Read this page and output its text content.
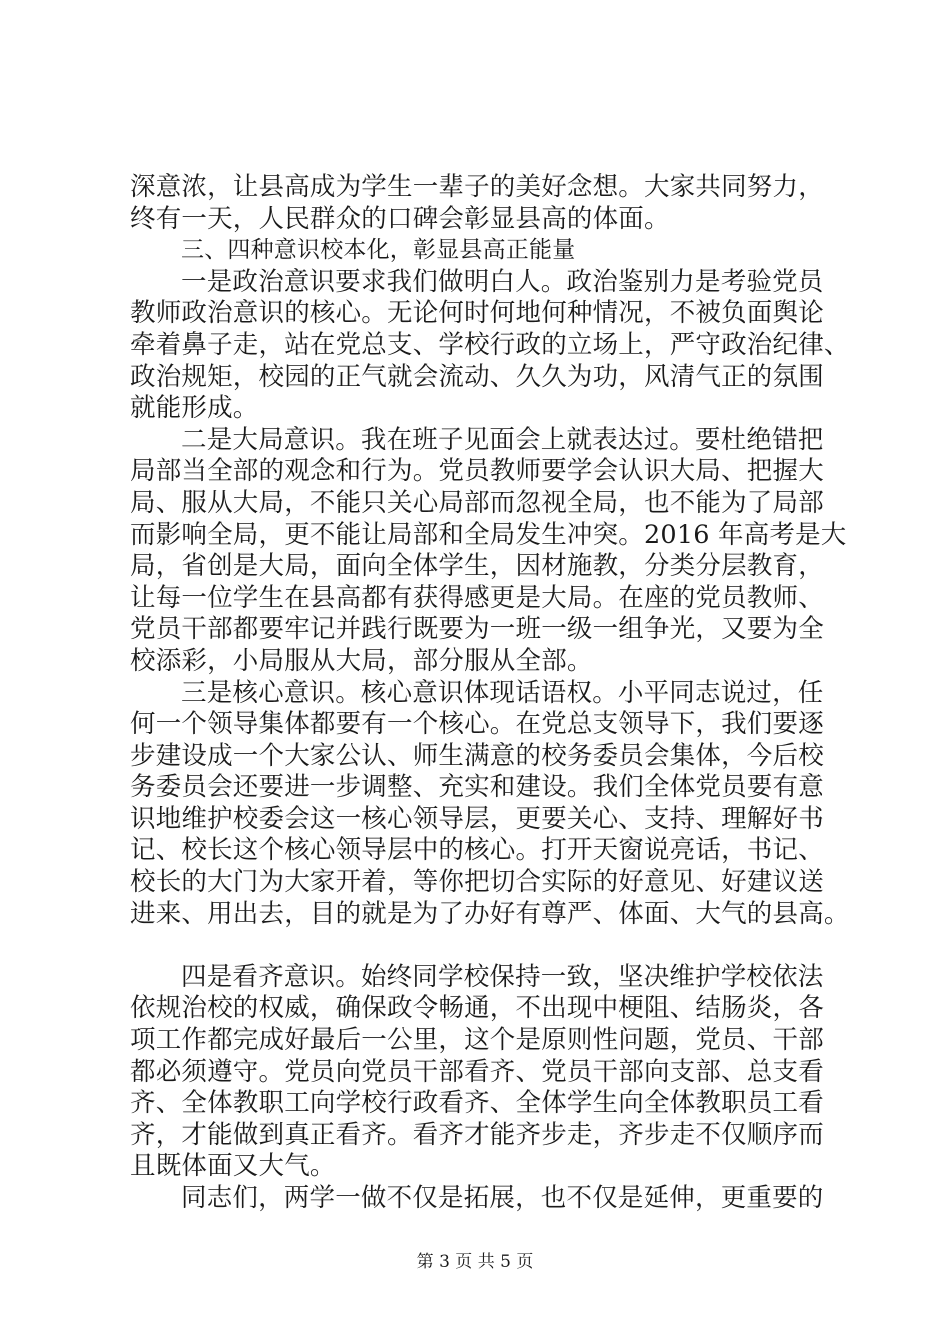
深意浓，让县高成为学生一辈子的美好念想。大家共同努力，
终有一天，人民群众的口碑会彰显县高的体面。
三、四种意识校本化，彰显县高正能量
一是政治意识要求我们做明白人。政治鉴别力是考验党员
教师政治意识的核心。无论何时何地何种情况，不被负面舆论
牵着鼻子走，站在党总支、学校行政的立场上，严守政治纪律、
政治规矩，校园的正气就会流动、久久为功，风清气正的氛围
就能形成。
二是大局意识。我在班子见面会上就表达过。要杜绝错把
局部当全部的观念和行为。党员教师要学会认识大局、把握大
局、服从大局，不能只关心局部而忽视全局，也不能为了局部
而影响全局，更不能让局部和全局发生冲突。2016 年高考是大
局，省创是大局，面向全体学生，因材施教，分类分层教育，
让每一位学生在县高都有获得感更是大局。在座的党员教师、
党员干部都要牢记并践行既要为一班一级一组争光，又要为全
校添彩，小局服从大局，部分服从全部。
三是核心意识。核心意识体现话语权。小平同志说过，任
何一个领导集体都要有一个核心。在党总支领导下，我们要逐
步建设成一个大家公认、师生满意的校务委员会集体，今后校
务委员会还要进一步调整、充实和建设。我们全体党员要有意
识地维护校委会这一核心领导层，更要关心、支持、理解好书
记、校长这个核心领导层中的核心。打开天窗说亮话，书记、
校长的大门为大家开着，等你把切合实际的好意见、好建议送
进来、用出去，目的就是为了办好有尊严、体面、大气的县高。
四是看齐意识。始终同学校保持一致，坚决维护学校依法
依规治校的权威，确保政令畅通，不出现中梗阻、结肠炎，各
项工作都完成好最后一公里，这个是原则性问题，党员、干部
都必须遵守。党员向党员干部看齐、党员干部向支部、总支看
齐、全体教职工向学校行政看齐、全体学生向全体教职员工看
齐，才能做到真正看齐。看齐才能齐步走，齐步走不仅顺序而
且既体面又大气。
同志们，两学一做不仅是拓展，也不仅是延伸，更重要的
第 3 页 共 5 页
